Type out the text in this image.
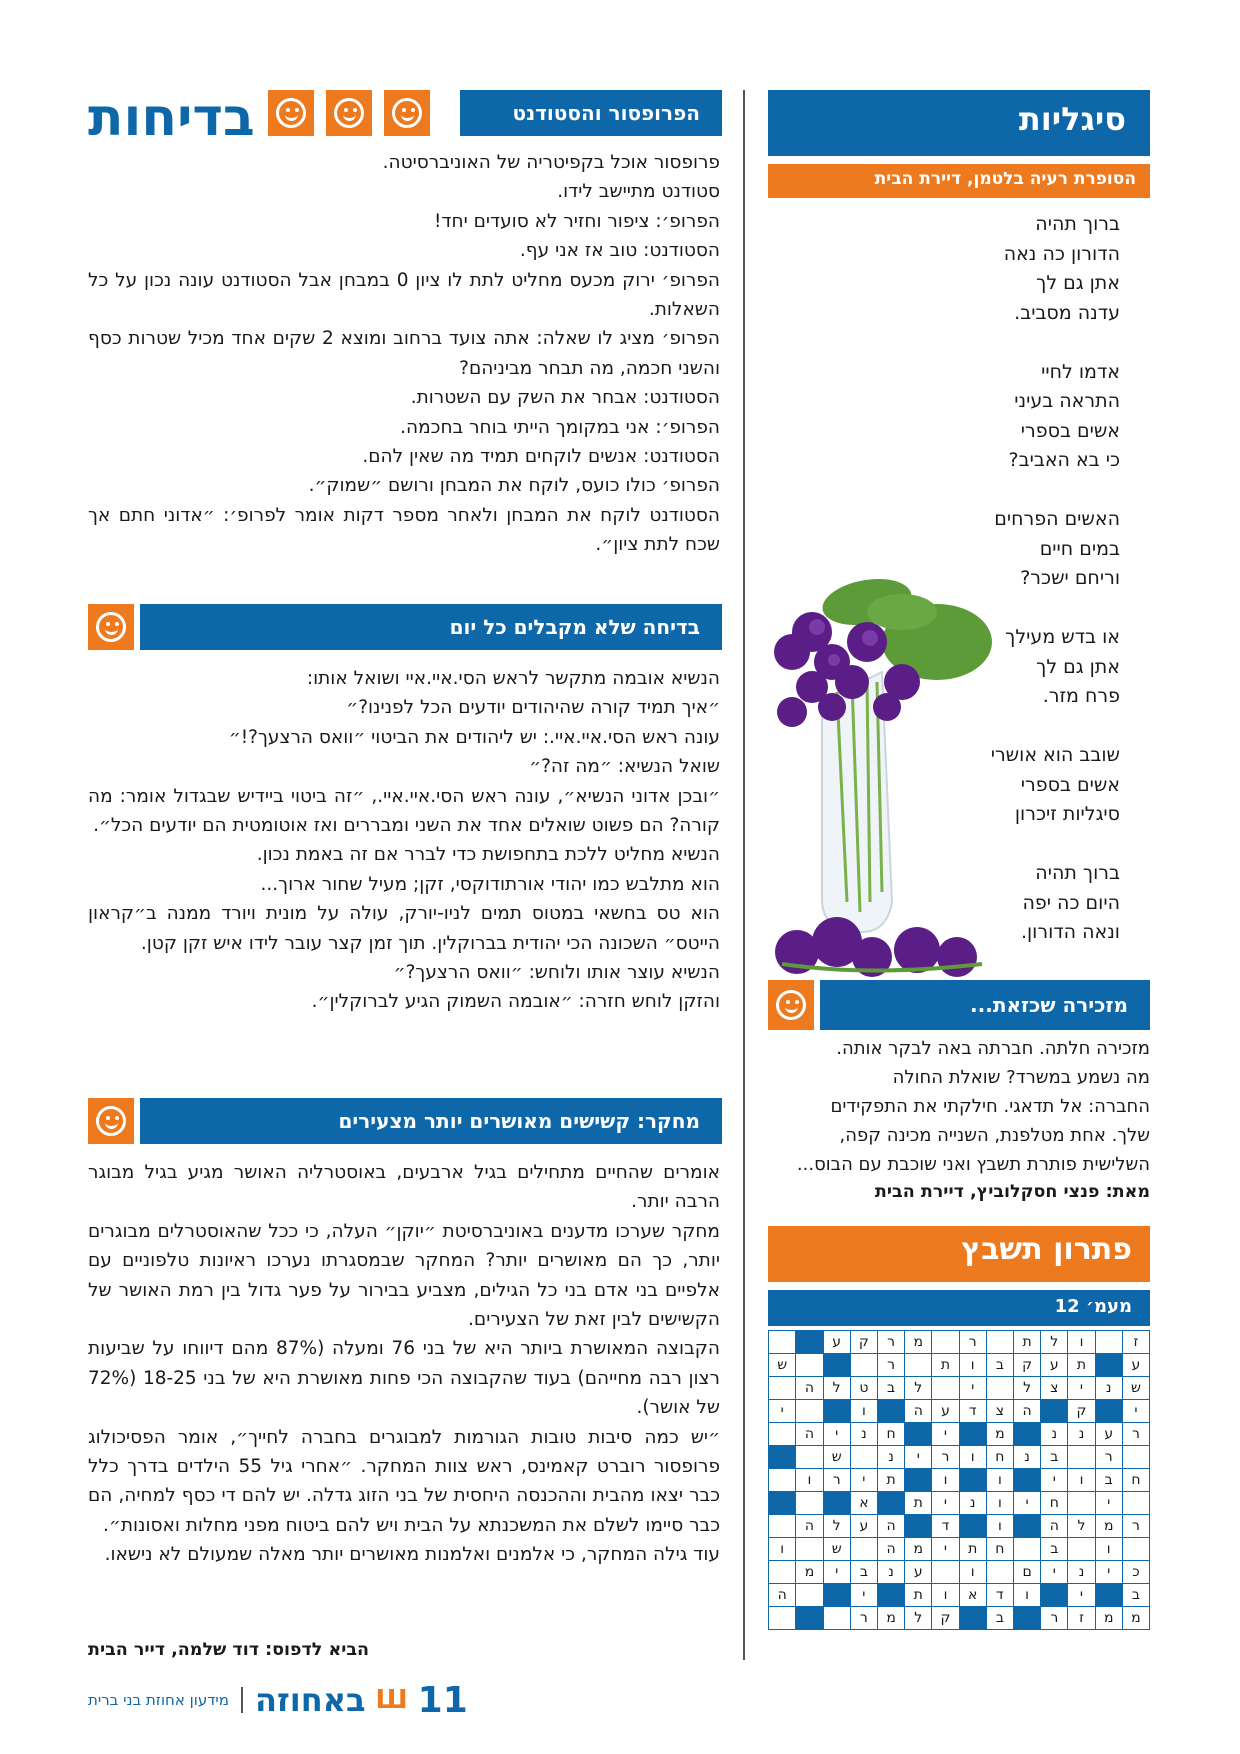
בדיחות	הפרופסור והסטודנט

פרופסור אוכל בקפיטריה של האוניברסיטה.

סטודנט מתיישב לידו.

הפרופ׳: ציפור וחזיר לא סועדים יחד!

הסטודנט: טוב אז אני עף.

הפרופ׳ ירוק מכעס מחליט לתת לו ציון 0 במבחן אבל הסטודנט עונה נכון על כל השאלות.

הפרופ׳ מציג לו שאלה: אתה צועד ברחוב ומוצא 2 שקים אחד מכיל שטרות כסף והשני חכמה, מה תבחר מביניהם?

הסטודנט: אבחר את השק עם השטרות.

הפרופ׳: אני במקומך הייתי בוחר בחכמה.

הסטודנט: אנשים לוקחים תמיד מה שאין להם.

הפרופ׳ כולו כועס, לוקח את המבחן ורושם ״שמוק״.

הסטודנט לוקח את המבחן ולאחר מספר דקות אומר לפרופ׳: ״אדוני חתם אך שכח לתת ציון״.

בדיחה שלא מקבלים כל יום

הנשיא אובמה מתקשר לראש הסי.איי.איי ושואל אותו:

״איך תמיד קורה שהיהודים יודעים הכל לפנינו?״

עונה ראש הסי.איי.איי.: יש ליהודים את הביטוי ״וואס הרצעך?!״

שואל הנשיא: ״מה זה?״

״ובכן אדוני הנשיא״, עונה ראש הסי.איי.איי., ״זה ביטוי ביידיש שבגדול אומר: מה קורה? הם פשוט שואלים אחד את השני ומבררים ואז אוטומטית הם יודעים הכל״.

הנשיא מחליט ללכת בתחפושת כדי לברר אם זה באמת נכון.

הוא מתלבש כמו יהודי אורתודוקסי, זקן; מעיל שחור ארוך...

הוא טס בחשאי במטוס תמים לניו-יורק, עולה על מונית ויורד ממנה ב״קראון הייטס״ השכונה הכי יהודית בברוקלין. תוך זמן קצר עובר לידו איש זקן קטן.

הנשיא עוצר אותו ולוחש: ״וואס הרצעך?״

והזקן לוחש חזרה: ״אובמה השמוק הגיע לברוקלין״.

מחקר: קשישים מאושרים יותר מצעירים

אומרים שהחיים מתחילים בגיל ארבעים, באוסטרליה האושר מגיע בגיל מבוגר הרבה יותר.

מחקר שערכו מדענים באוניברסיטת ״יוקן״ העלה, כי ככל שהאוסטרלים מבוגרים יותר, כך הם מאושרים יותר? המחקר שבמסגרתו נערכו ראיונות טלפוניים עם אלפיים בני אדם בני כל הגילים, מצביע בבירור על פער גדול בין רמת האושר של הקשישים לבין זאת של הצעירים.

הקבוצה המאושרת ביותר היא של בני 76 ומעלה (87% מהם דיווחו על שביעות רצון רבה מחייהם) בעוד שהקבוצה הכי פחות מאושרת היא של בני 18-25 (72% של אושר).

״יש כמה סיבות טובות הגורמות למבוגרים בחברה לחייך״, אומר הפסיכולוג פרופסור רוברט קאמינס, ראש צוות המחקר. ״אחרי גיל 55 הילדים בדרך כלל כבר יצאו מהבית וההכנסה היחסית של בני הזוג גדלה. יש להם די כסף למחיה, הם כבר סיימו לשלם את המשכנתא על הבית ויש להם ביטוח מפני מחלות ואסונות״.

עוד גילה המחקר, כי אלמנים ואלמנות מאושרים יותר מאלה שמעולם לא נישאו.

הביא לדפוס: דוד שלמה, דייר הבית
סיגליות
הסופרת רעיה בלטמן, דיירת הבית
ברוך תהיה
הדורון כה נאה
אתן גם לך
עדנה מסביב.
אדמו לחיי
התראה בעיני
אשים בספרי
כי בא האביב?
האשים הפרחים
במים חיים
וריחם ישכר?
או בדש מעילך
אתן גם לך
פרח מזר.
שובב הוא אושרי
אשים בספרי
סיגליות זיכרון
ברוך תהיה
היום כה יפה
ונאה הדורון.
מזכירה שכזאת...

מזכירה חלתה. חברתה באה לבקר אותה.

מה נשמע במשרד? שואלת החולה

החברה: אל תדאגי. חילקתי את התפקידים

שלך. אחת מטלפנת, השנייה מכינה קפה,

השלישית פותרת תשבץ ואני שוכבת עם הבוס...

מאת: פנצי חסקלוביץ, דיירת הבית
פתרון תשבץ
מעמ׳ 12
ז		ו	ל	ת		ר		מ	ר	ק	ע		
ע		ת	ע	ק	ב	ו	ת		ר				ש
ש	נ	י	צ	ל		י		ל	ב	ט	ל	ה	
י		ק		ה	צ	ד	ע	ה		ו			י
ר	ע	נ	נ		מ		י		ח	נ	י	ה	
	ר		ב	נ	ח	ו	ר	י	נ		ש		
ח	ב	ו	י		ו		ו		ת	י	ר	ו	
	י		ח	י	ו	נ	י	ת		א			
ר	מ	ל	ה		ו		ד		ה	ע	ל	ה	
	ו		ב		ח	ת	י	מ	ה		ש		ו
כ	י	נ	י	ם		ו		ע	נ	ב	י	מ	
ב		י		ו	ד	א	ו	ת		י			ה
מ	מ	ז	ר		ב		ק	ל	מ	ר			
11
Ш
באחוזה
מידעון אחוזת בני ברית
